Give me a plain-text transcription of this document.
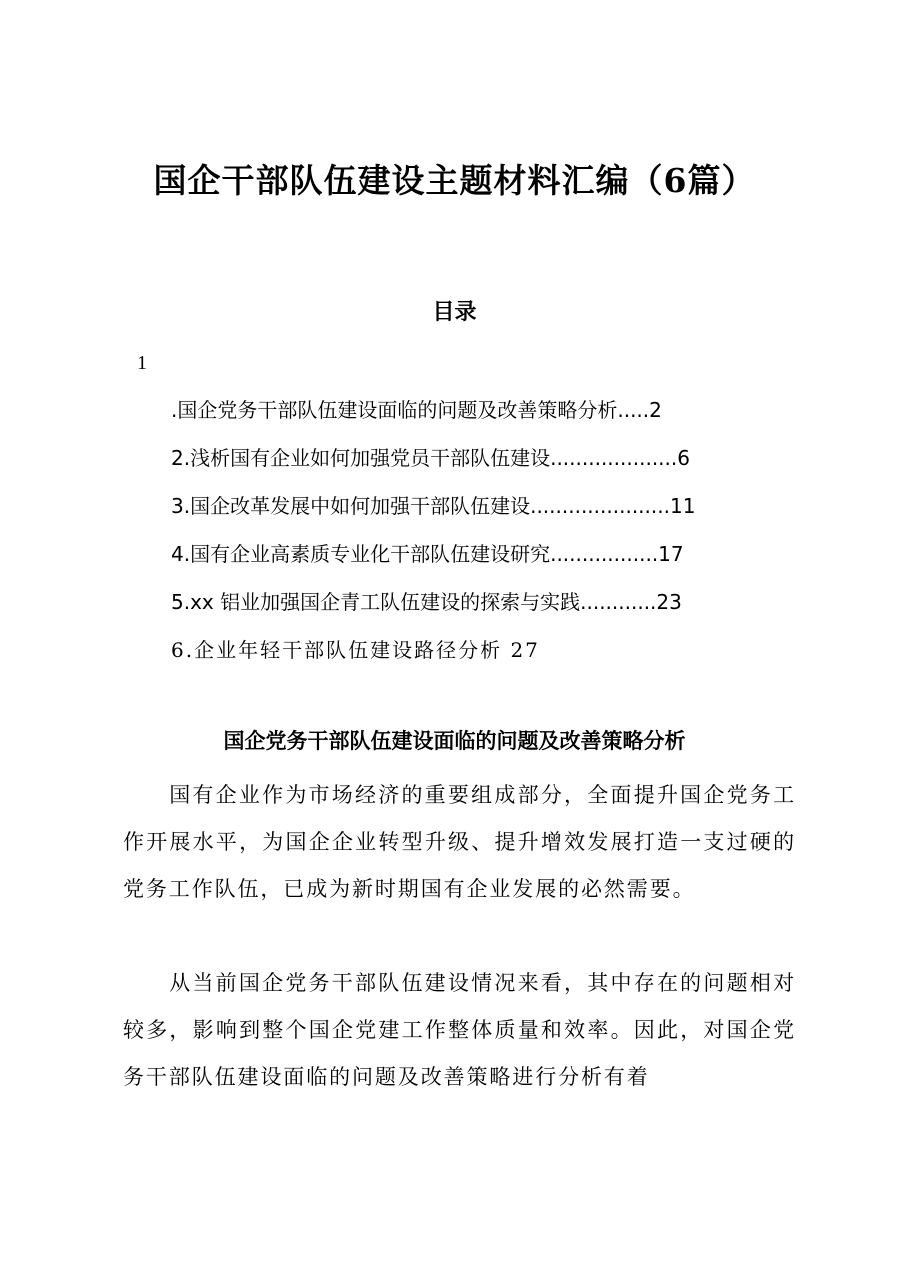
国企干部队伍建设主题材料汇编（6篇）
目录
1
.国企党务干部队伍建设面临的问题及改善策略分析.....2
2.浅析国有企业如何加强党员干部队伍建设....................6
3.国企改革发展中如何加强干部队伍建设......................11
4.国有企业高素质专业化干部队伍建设研究.................17
5.xx 铝业加强国企青工队伍建设的探索与实践............23
6.企业年轻干部队伍建设路径分析 27
国企党务干部队伍建设面临的问题及改善策略分析

国有企业作为市场经济的重要组成部分，全面提升国企党务工作开展水平，为国企企业转型升级、提升增效发展打造一支过硬的党务工作队伍，已成为新时期国有企业发展的必然需要。

从当前国企党务干部队伍建设情况来看，其中存在的问题相对较多，影响到整个国企党建工作整体质量和效率。因此，对国企党务干部队伍建设面临的问题及改善策略进行分析有着
